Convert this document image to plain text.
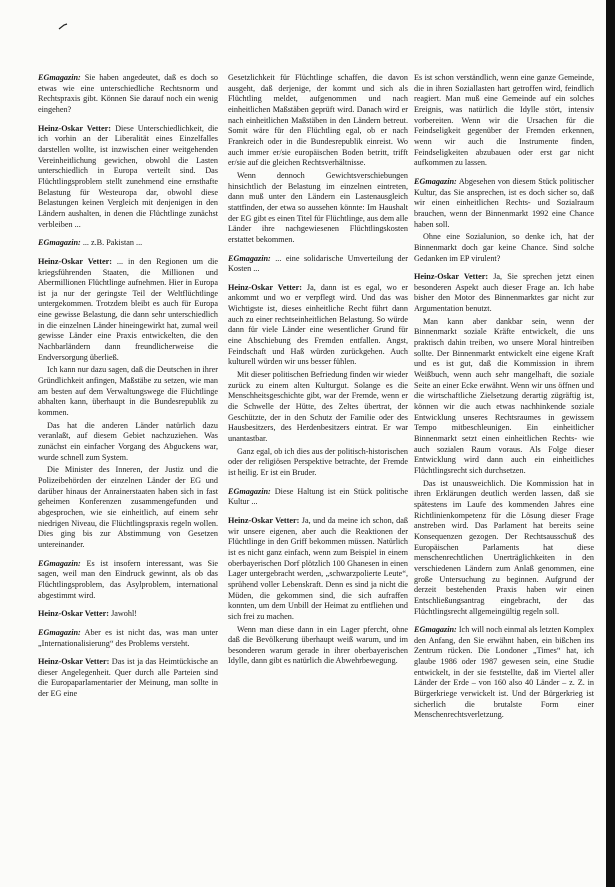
EGmagazin: Sie haben angedeutet, daß es doch so etwas wie eine unterschiedliche Rechtsnorm und Rechtspraxis gibt. Können Sie darauf noch ein wenig eingehen?

Heinz-Oskar Vetter: Diese Unterschiedlichkeit, die ich vorhin an der Liberalität eines Einzelfalles darstellen wollte, ist inzwischen einer weitgehenden Vereinheitlichung gewichen, obwohl die Lasten unterschiedlich in Europa verteilt sind. Das Flüchtlingsproblem stellt zunehmend eine ernsthafte Belastung für Westeuropa dar, obwohl diese Belastungen keinen Vergleich mit denjenigen in den Ländern aushalten, in denen die Flüchtlinge zunächst verbleiben ...

EGmagazin: ... z.B. Pakistan ...

Heinz-Oskar Vetter: ... in den Regionen um die kriegsführenden Staaten, die Millionen und Abermillionen Flüchtlinge aufnehmen. Hier in Europa ist ja nur der geringste Teil der Weltflüchtlinge untergekommen. Trotzdem bleibt es auch für Europa eine gewisse Belastung, die dann sehr unterschiedlich in die einzelnen Länder hineingewirkt hat, zumal weil gewisse Länder eine Praxis entwickelten, die den Nachbarländern dann freundlicherweise die Endversorgung überließ.

Ich kann nur dazu sagen, daß die Deutschen in ihrer Gründlichkeit anfingen, Maßstäbe zu setzen, wie man am besten auf dem Verwaltungswege die Flüchtlinge abhalten kann, überhaupt in die Bundesrepublik zu kommen.

Das hat die anderen Länder natürlich dazu veranlaßt, auf diesem Gebiet nachzuziehen. Was zunächst ein einfacher Vorgang des Abguckens war, wurde schnell zum System.

Die Minister des Inneren, der Justiz und die Polizeibehörden der einzelnen Länder der EG und darüber hinaus der Anrainerstaaten haben sich in fast geheimen Konferenzen zusammengefunden und abgesprochen, wie sie einheitlich, auf einem sehr niedrigen Niveau, die Flüchtlingspraxis regeln wollen. Dies ging bis zur Abstimmung von Gesetzen untereinander.

EGmagazin: Es ist insofern interessant, was Sie sagen, weil man den Eindruck gewinnt, als ob das Flüchtlingsproblem, das Asylproblem, international abgestimmt wird.

Heinz-Oskar Vetter: Jawohl!

EGmagazin: Aber es ist nicht das, was man unter „Internationalisierung“ des Problems versteht.

Heinz-Oskar Vetter: Das ist ja das Heimtückische an dieser Angelegenheit. Quer durch alle Parteien sind die Europaparlamentarier der Meinung, man sollte in der EG eine

Gesetzlichkeit für Flüchtlinge schaffen, die davon ausgeht, daß derjenige, der kommt und sich als Flüchtling meldet, aufgenommen und nach einheitlichen Maßstäben geprüft wird. Danach wird er nach einheitlichen Maßstäben in den Ländern betreut. Somit wäre für den Flüchtling egal, ob er nach Frankreich oder in die Bundesrepublik einreist. Wo auch immer er/sie europäischen Boden betritt, trifft er/sie auf die gleichen Rechtsverhältnisse.

Wenn dennoch Gewichtsverschiebungen hinsichtlich der Belastung im einzelnen eintreten, dann muß unter den Ländern ein Lastenausgleich stattfinden, der etwa so aussehen könnte: Im Haushalt der EG gibt es einen Titel für Flüchtlinge, aus dem alle Länder ihre nachgewiesenen Flüchtlingskosten erstattet bekommen.

EGmagazin: ... eine solidarische Umverteilung der Kosten ...

Heinz-Oskar Vetter: Ja, dann ist es egal, wo er ankommt und wo er verpflegt wird. Und das was Wichtigste ist, dieses einheitliche Recht führt dann auch zu einer rechtseinheitlichen Belastung. So würde dann für viele Länder eine wesentlicher Grund für eine Abschiebung des Fremden entfallen. Angst, Feindschaft und Haß würden zurückgehen. Auch kulturell würden wir uns besser fühlen.

Mit dieser politischen Befriedung finden wir wieder zurück zu einem alten Kulturgut. Solange es die Menschheitsgeschichte gibt, war der Fremde, wenn er die Schwelle der Hütte, des Zeltes übertrat, der Geschützte, der in den Schutz der Familie oder des Hausbesitzers, des Herdenbesitzers eintrat. Er war unantastbar.

Ganz egal, ob ich dies aus der politisch-historischen oder der religiösen Perspektive betrachte, der Fremde ist heilig. Er ist ein Bruder.

EGmagazin: Diese Haltung ist ein Stück politische Kultur ...

Heinz-Oskar Vetter: Ja, und da meine ich schon, daß wir unsere eigenen, aber auch die Reaktionen der Flüchtlinge in den Griff bekommen müssen. Natürlich ist es nicht ganz einfach, wenn zum Beispiel in einem oberbayerischen Dorf plötzlich 100 Ghanesen in einen Lager untergebracht werden, „schwarzpolierte Leute“, sprühend voller Lebenskraft. Denn es sind ja nicht die Müden, die gekommen sind, die sich aufraffen konnten, um dem Unbill der Heimat zu entfliehen und sich frei zu machen.

Wenn man diese dann in ein Lager pfercht, ohne daß die Bevölkerung überhaupt weiß warum, und im besonderen warum gerade in ihrer oberbayerischen Idylle, dann gibt es natürlich die Abwehrbewegung.

Es ist schon verständlich, wenn eine ganze Gemeinde, die in ihren Soziallasten hart getroffen wird, feindlich reagiert. Man muß eine Gemeinde auf ein solches Ereignis, was natürlich die Idylle stört, intensiv vorbereiten. Wenn wir die Ursachen für die Feindseligkeit gegenüber der Fremden erkennen, wenn wir auch die Instrumente finden, Feindseligkeiten abzubauen oder erst gar nicht aufkommen zu lassen.

EGmagazin: Abgesehen von diesem Stück politischer Kultur, das Sie ansprechen, ist es doch sicher so, daß wir einen einheitlichen Rechts- und Sozialraum brauchen, wenn der Binnenmarkt 1992 eine Chance haben soll.

Ohne eine Sozialunion, so denke ich, hat der Binnenmarkt doch gar keine Chance. Sind solche Gedanken im EP virulent?

Heinz-Oskar Vetter: Ja, Sie sprechen jetzt einen besonderen Aspekt auch dieser Frage an. Ich habe bisher den Motor des Binnenmarktes gar nicht zur Argumentation benutzt.

Man kann aber dankbar sein, wenn der Binnenmarkt soziale Kräfte entwickelt, die uns praktisch dahin treiben, wo unsere Moral hintreiben sollte. Der Binnenmarkt entwickelt eine eigene Kraft und es ist gut, daß die Kommission in ihrem Weißbuch, wenn auch sehr mangelhaft, die soziale Seite an einer Ecke erwähnt. Wenn wir uns öffnen und die wirtschaftliche Zielsetzung derartig zügräftig ist, können wir die auch etwas nachhinkende soziale Entwicklung unseres Rechtsraumes in gewissem Tempo mitbeschleunigen. Ein einheitlicher Binnenmarkt setzt einen einheitlichen Rechts- wie auch sozialen Raum voraus. Als Folge dieser Entwicklung wird dann auch ein einheitliches Flüchtlingsrecht sich durchsetzen.

Das ist unausweichlich. Die Kommission hat in ihren Erklärungen deutlich werden lassen, daß sie spätestens im Laufe des kommenden Jahres eine Richtlinienkompetenz für die Lösung dieser Frage anstreben wird. Das Parlament hat bereits seine Konsequenzen gezogen. Der Rechtsausschuß des Europäischen Parlaments hat diese menschenrechtlichen Unerträglichkeiten in den verschiedenen Ländern zum Anlaß genommen, eine große Untersuchung zu beginnen. Aufgrund der derzeit bestehenden Praxis haben wir einen Entschließungsantrag eingebracht, der das Flüchtlingsrecht allgemeingültig regeln soll.

EGmagazin: Ich will noch einmal als letzten Komplex den Anfang, den Sie erwähnt haben, ein bißchen ins Zentrum rücken. Die Londoner „Times“ hat, ich glaube 1986 oder 1987 gewesen sein, eine Studie entwickelt, in der sie feststellte, daß im Viertel aller Länder der Erde – von 160 also 40 Länder – z. Z. in Bürgerkriege verwickelt ist. Und der Bürgerkrieg ist sicherlich die brutalste Form einer Menschenrechtsverletzung.
